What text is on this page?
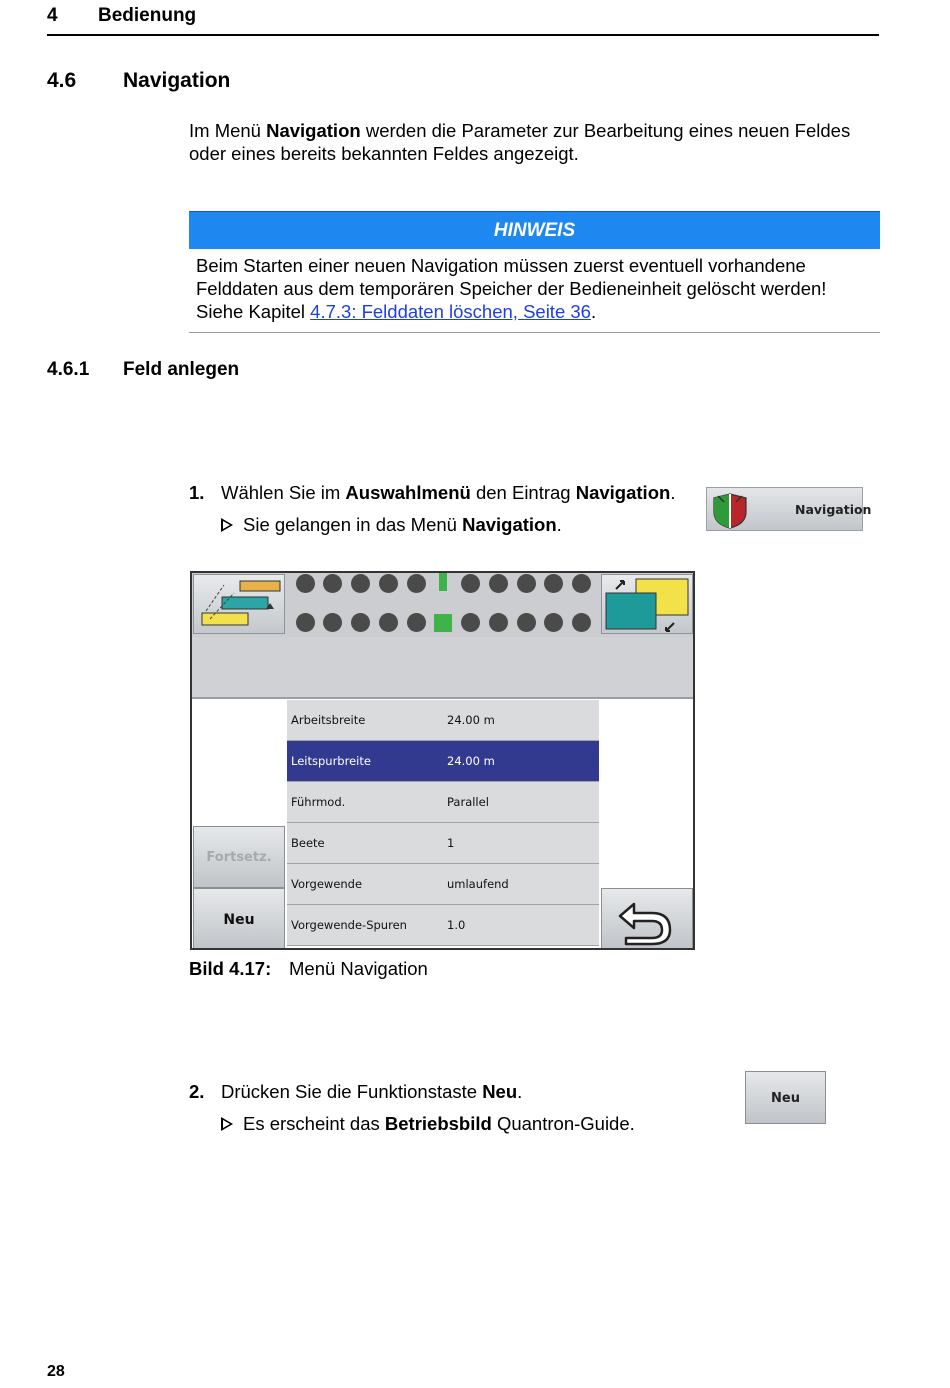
4 Bedienung
4.6 Navigation
Im Menü Navigation werden die Parameter zur Bearbeitung eines neuen Feldes oder eines bereits bekannten Feldes angezeigt.
HINWEIS
Beim Starten einer neuen Navigation müssen zuerst eventuell vorhandene Felddaten aus dem temporären Speicher der Bedieneinheit gelöscht werden!
Siehe Kapitel 4.7.3: Felddaten löschen, Seite 36.
4.6.1 Feld anlegen
1. Wählen Sie im Auswahlmenü den Eintrag Navigation.
Sie gelangen in das Menü Navigation.
Navigation
Arbeitsbreite	24.00 m
Leitspurbreite	24.00 m
Führmod.	Parallel
Beete	1
Vorgewende	umlaufend
Vorgewende-Spuren	1.0
Fortsetz.
Neu
Bild 4.17: Menü Navigation
2. Drücken Sie die Funktionstaste Neu.
Es erscheint das Betriebsbild Quantron-Guide.
Neu
28
